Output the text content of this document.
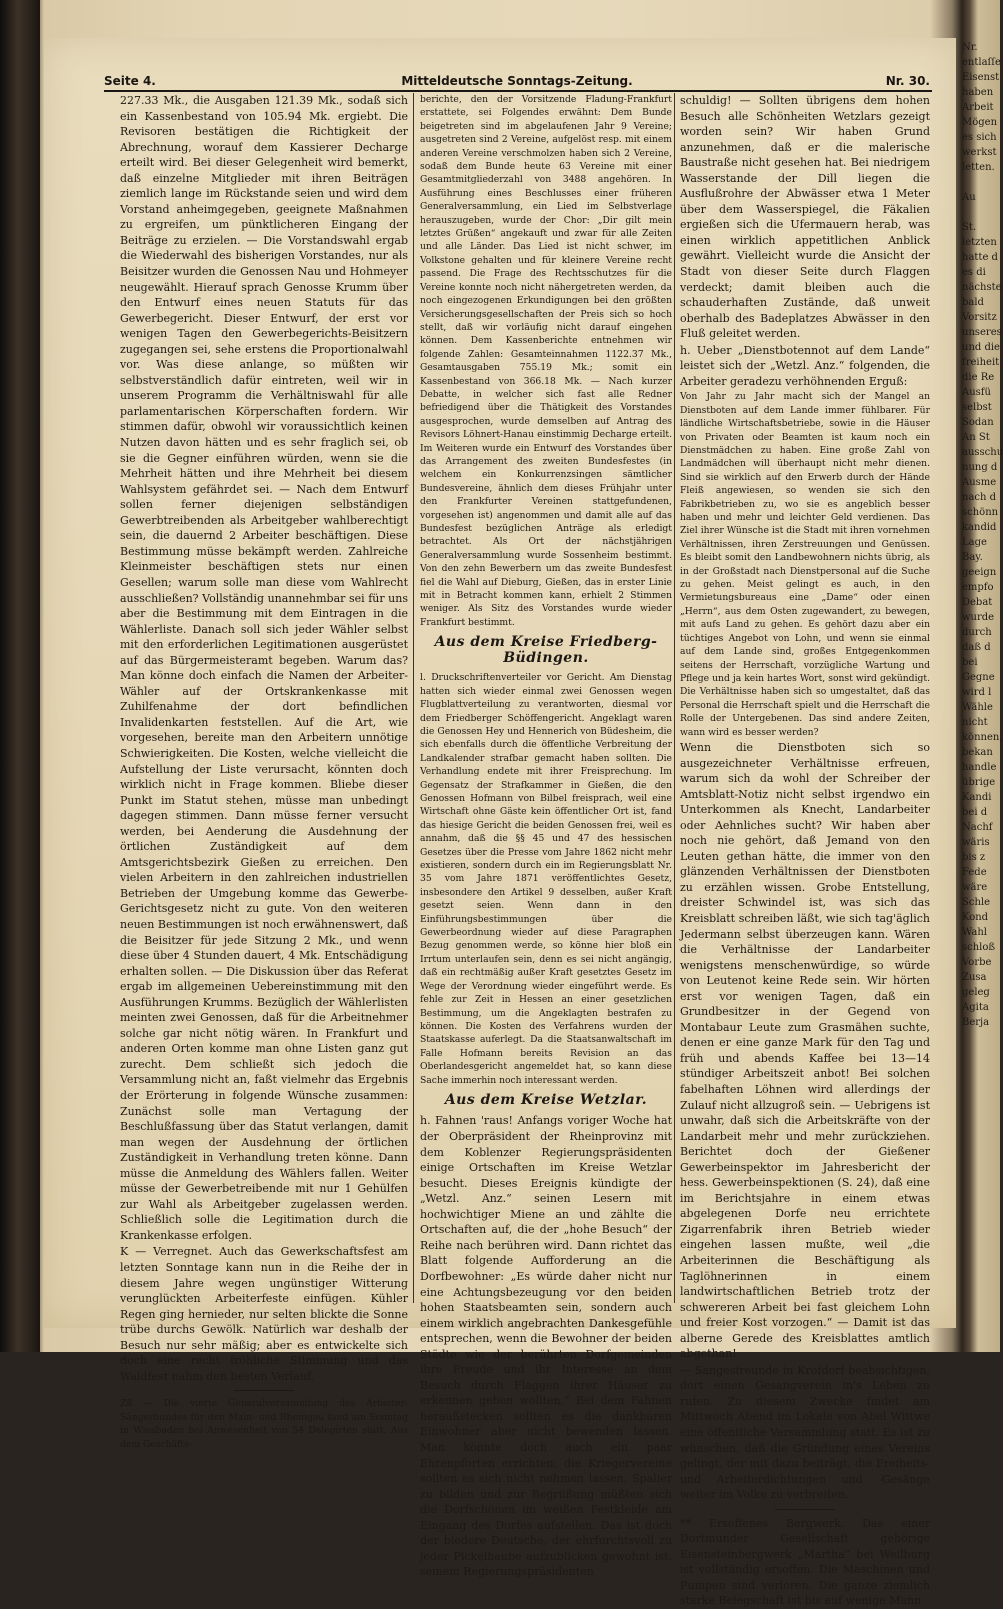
Seite 4.	Mitteldeutsche Sonntags-Zeitung.	Nr. 30.

227.33 Mk., die Ausgaben 121.39 Mk., sodaß sich ein Kassenbestand von 105.94 Mk. ergiebt. Die Revisoren bestätigen die Richtigkeit der Abrechnung, worauf dem Kassierer Decharge erteilt wird. Bei dieser Gelegenheit wird bemerkt, daß einzelne Mitglieder mit ihren Beiträgen ziemlich lange im Rückstande seien und wird dem Vorstand anheimgegeben, geeignete Maßnahmen zu ergreifen, um pünktlicheren Eingang der Beiträge zu erzielen. — Die Vorstandswahl ergab die Wiederwahl des bisherigen Vorstandes, nur als Beisitzer wurden die Genossen Nau und Hohmeyer neugewählt. Hierauf sprach Genosse Krumm über den Entwurf eines neuen Statuts für das Gewerbegericht. Dieser Entwurf, der erst vor wenigen Tagen den Gewerbegerichts-Beisitzern zugegangen sei, sehe erstens die Proportionalwahl vor. Was diese anlange, so müßten wir selbstverständlich dafür eintreten, weil wir in unserem Programm die Verhältniswahl für alle parlamentarischen Körperschaften fordern. Wir stimmen dafür, obwohl wir voraussichtlich keinen Nutzen davon hätten und es sehr fraglich sei, ob sie die Gegner einführen würden, wenn sie die Mehrheit hätten und ihre Mehrheit bei diesem Wahlsystem gefährdet sei. — Nach dem Entwurf sollen ferner diejenigen selbständigen Gewerbtreibenden als Arbeitgeber wahlberechtigt sein, die dauernd 2 Arbeiter beschäftigen. Diese Bestimmung müsse bekämpft werden. Zahlreiche Kleinmeister beschäftigen stets nur einen Gesellen; warum solle man diese vom Wahlrecht ausschließen? Vollständig unannehmbar sei für uns aber die Bestimmung mit dem Eintragen in die Wählerliste. Danach soll sich jeder Wähler selbst mit den erforderlichen Legitimationen ausgerüstet auf das Bürgermeisteramt begeben. Warum das? Man könne doch einfach die Namen der Arbeiter-Wähler auf der Ortskrankenkasse mit Zuhilfenahme der dort befindlichen Invalidenkarten feststellen. Auf die Art, wie vorgesehen, bereite man den Arbeitern unnötige Schwierigkeiten. Die Kosten, welche vielleicht die Aufstellung der Liste verursacht, könnten doch wirklich nicht in Frage kommen. Bliebe dieser Punkt im Statut stehen, müsse man unbedingt dagegen stimmen. Dann müsse ferner versucht werden, bei Aenderung die Ausdehnung der örtlichen Zuständigkeit auf dem Amtsgerichtsbezirk Gießen zu erreichen. Den vielen Arbeitern in den zahlreichen industriellen Betrieben der Umgebung komme das Gewerbe-Gerichtsgesetz nicht zu gute. Von den weiteren neuen Bestimmungen ist noch erwähnenswert, daß die Beisitzer für jede Sitzung 2 Mk., und wenn diese über 4 Stunden dauert, 4 Mk. Entschädigung erhalten sollen. — Die Diskussion über das Referat ergab im allgemeinen Uebereinstimmung mit den Ausführungen Krumms. Bezüglich der Wählerlisten meinten zwei Genossen, daß für die Arbeitnehmer solche gar nicht nötig wären. In Frankfurt und anderen Orten komme man ohne Listen ganz gut zurecht. Dem schließt sich jedoch die Versammlung nicht an, faßt vielmehr das Ergebnis der Erörterung in folgende Wünsche zusammen: Zunächst solle man Vertagung der Beschlußfassung über das Statut verlangen, damit man wegen der Ausdehnung der örtlichen Zuständigkeit in Verhandlung treten könne. Dann müsse die Anmeldung des Wählers fallen. Weiter müsse der Gewerbetreibende mit nur 1 Gehülfen zur Wahl als Arbeitgeber zugelassen werden. Schließlich solle die Legitimation durch die Krankenkasse erfolgen.

K — Verregnet. Auch das Gewerkschaftsfest am letzten Sonntage kann nun in die Reihe der in diesem Jahre wegen ungünstiger Witterung verunglückten Arbeiterfeste einfügen. Kühler Regen ging hernieder, nur selten blickte die Sonne trübe durchs Gewölk. Natürlich war deshalb der Besuch nur sehr mäßig; aber es entwickelte sich doch eine recht fröhliche Stimmung und das Waldfest nahm den besten Verlauf.

Zß — Die vierte Generalversammlung des Arbeiter-Sängerbundes für den Main- und Rheingau fand am Sonntag in Wiesbaden bei Anwesenheit von 54 Delegirten statt. Aus dem Geschäfts-

berichte, den der Vorsitzende Fladung-Frankfurt erstattete, sei Folgendes erwähnt: Dem Bunde beigetreten sind im abgelaufenen Jahr 9 Vereine; ausgetreten sind 2 Vereine, aufgelöst resp. mit einem anderen Vereine verschmolzen haben sich 2 Vereine, sodaß dem Bunde heute 63 Vereine mit einer Gesamtmitgliederzahl von 3488 angehören. In Ausführung eines Beschlusses einer früheren Generalversammlung, ein Lied im Selbstverlage herauszugeben, wurde der Chor: „Dir gilt mein letztes Grüßen“ angekauft und zwar für alle Zeiten und alle Länder. Das Lied ist nicht schwer, im Volkstone gehalten und für kleinere Vereine recht passend. Die Frage des Rechtsschutzes für die Vereine konnte noch nicht nähergetreten werden, da noch eingezogenen Erkundigungen bei den größten Versicherungsgesellschaften der Preis sich so hoch stellt, daß wir vorläufig nicht darauf eingehen können. Dem Kassenberichte entnehmen wir folgende Zahlen: Gesamteinnahmen 1122.37 Mk., Gesamtausgaben 755.19 Mk.; somit ein Kassenbestand von 366.18 Mk. — Nach kurzer Debatte, in welcher sich fast alle Redner befriedigend über die Thätigkeit des Vorstandes ausgesprochen, wurde demselben auf Antrag des Revisors Löhnert-Hanau einstimmig Decharge erteilt. Im Weiteren wurde ein Entwurf des Vorstandes über das Arrangement des zweiten Bundesfestes (in welchem ein Konkurrenzsingen sämtlicher Bundesvereine, ähnlich dem dieses Frühjahr unter den Frankfurter Vereinen stattgefundenen, vorgesehen ist) angenommen und damit alle auf das Bundesfest bezüglichen Anträge als erledigt betrachtet. Als Ort der nächstjährigen Generalversammlung wurde Sossenheim bestimmt. Von den zehn Bewerbern um das zweite Bundesfest fiel die Wahl auf Dieburg, Gießen, das in erster Linie mit in Betracht kommen kann, erhielt 2 Stimmen weniger. Als Sitz des Vorstandes wurde wieder Frankfurt bestimmt.

Aus dem Kreise Friedberg-Büdingen.

l. Druckschriftenverteiler vor Gericht. Am Dienstag hatten sich wieder einmal zwei Genossen wegen Flugblattverteilung zu verantworten, diesmal vor dem Friedberger Schöffengericht. Angeklagt waren die Genossen Hey und Hennerich von Büdesheim, die sich ebenfalls durch die öffentliche Verbreitung der Landkalender strafbar gemacht haben sollten. Die Verhandlung endete mit ihrer Freisprechung. Im Gegensatz der Strafkammer in Gießen, die den Genossen Hofmann von Bilbel freisprach, weil eine Wirtschaft ohne Gäste kein öffentlicher Ort ist, fand das hiesige Gericht die beiden Genossen frei, weil es annahm, daß die §§ 45 und 47 des hessischen Gesetzes über die Presse vom Jahre 1862 nicht mehr existieren, sondern durch ein im Regierungsblatt Nr. 35 vom Jahre 1871 veröffentlichtes Gesetz, insbesondere den Artikel 9 desselben, außer Kraft gesetzt seien. Wenn dann in den Einführungsbestimmungen über die Gewerbeordnung wieder auf diese Paragraphen Bezug genommen werde, so könne hier bloß ein Irrtum unterlaufen sein, denn es sei nicht angängig, daß ein rechtmäßig außer Kraft gesetztes Gesetz im Wege der Verordnung wieder eingeführt werde. Es fehle zur Zeit in Hessen an einer gesetzlichen Bestimmung, um die Angeklagten bestrafen zu können. Die Kosten des Verfahrens wurden der Staatskasse auferlegt. Da die Staatsanwaltschaft im Falle Hofmann bereits Revision an das Oberlandesgericht angemeldet hat, so kann diese Sache immerhin noch interessant werden.

Aus dem Kreise Wetzlar.

h. Fahnen 'raus! Anfangs voriger Woche hat der Oberpräsident der Rheinprovinz mit dem Koblenzer Regierungspräsidenten einige Ortschaften im Kreise Wetzlar besucht. Dieses Ereignis kündigte der „Wetzl. Anz.“ seinen Lesern mit hochwichtiger Miene an und zählte die Ortschaften auf, die der „hohe Besuch“ der Reihe nach berühren wird. Dann richtet das Blatt folgende Aufforderung an die Dorfbewohner: „Es würde daher nicht nur eine Achtungsbezeugung vor den beiden hohen Staatsbeamten sein, sondern auch einem wirklich angebrachten Dankesgefühle entsprechen, wenn die Bewohner der beiden Städte wie der berührten Dorfgemeinden ihre Freude und ihr Interesse an dem Besuch durch Flaggen ihrer Häuser zu erkennen geben wollten.“ Bei dem Fahnen heraußstecken sollten es die dankbaren Einwohner aber nicht bewenden lassen. Man könnte doch auch ein paar Ehrenpforten errichten; die Kriegervereine sollten es sich nicht nehmen lassen, Spalier zu bilden und zur Begrüßung müßten sich die Dorfschönen im weißen Festkleide am Eingang des Dorfes aufstellen. Das ist doch der biedere Deutsche, der ehrfurchtsvoll zu jeder Pickelhaube aufzublicken gewohnt ist, seinem Regierungspräsidenten

schuldig! — Sollten übrigens dem hohen Besuch alle Schönheiten Wetzlars gezeigt worden sein? Wir haben Grund anzunehmen, daß er die malerische Baustraße nicht gesehen hat. Bei niedrigem Wasserstande der Dill liegen die Ausflußrohre der Abwässer etwa 1 Meter über dem Wasserspiegel, die Fäkalien ergießen sich die Ufermauern herab, was einen wirklich appetitlichen Anblick gewährt. Vielleicht wurde die Ansicht der Stadt von dieser Seite durch Flaggen verdeckt; damit bleiben auch die schauderhaften Zustände, daß unweit oberhalb des Badeplatzes Abwässer in den Fluß geleitet werden.

h. Ueber „Dienstbotennot auf dem Lande“ leistet sich der „Wetzl. Anz.“ folgenden, die Arbeiter geradezu verhöhnenden Erguß:

Von Jahr zu Jahr macht sich der Mangel an Dienstboten auf dem Lande immer fühlbarer. Für ländliche Wirtschaftsbetriebe, sowie in die Häuser von Privaten oder Beamten ist kaum noch ein Dienstmädchen zu haben. Eine große Zahl von Landmädchen will überhaupt nicht mehr dienen. Sind sie wirklich auf den Erwerb durch der Hände Fleiß angewiesen, so wenden sie sich den Fabrikbetrieben zu, wo sie es angeblich besser haben und mehr und leichter Geld verdienen. Das Ziel ihrer Wünsche ist die Stadt mit ihren vornehmen Verhältnissen, ihren Zerstreuungen und Genüssen. Es bleibt somit den Landbewohnern nichts übrig, als in der Großstadt nach Dienstpersonal auf die Suche zu gehen. Meist gelingt es auch, in den Vermietungsbureaus eine „Dame“ oder einen „Herrn“, aus dem Osten zugewandert, zu bewegen, mit aufs Land zu gehen. Es gehört dazu aber ein tüchtiges Angebot von Lohn, und wenn sie einmal auf dem Lande sind, großes Entgegenkommen seitens der Herrschaft, vorzügliche Wartung und Pflege und ja kein hartes Wort, sonst wird gekündigt. Die Verhältnisse haben sich so umgestaltet, daß das Personal die Herrschaft spielt und die Herrschaft die Rolle der Untergebenen. Das sind andere Zeiten, wann wird es besser werden?

Wenn die Dienstboten sich so ausgezeichneter Verhältnisse erfreuen, warum sich da wohl der Schreiber der Amtsblatt-Notiz nicht selbst irgendwo ein Unterkommen als Knecht, Landarbeiter oder Aehnliches sucht? Wir haben aber noch nie gehört, daß Jemand von den Leuten gethan hätte, die immer von den glänzenden Verhältnissen der Dienstboten zu erzählen wissen. Grobe Entstellung, dreister Schwindel ist, was sich das Kreisblatt schreiben läßt, wie sich tag'äglich Jedermann selbst überzeugen kann. Wären die Verhältnisse der Landarbeiter wenigstens menschenwürdige, so würde von Leutenot keine Rede sein. Wir hörten erst vor wenigen Tagen, daß ein Grundbesitzer in der Gegend von Montabaur Leute zum Grasmähen suchte, denen er eine ganze Mark für den Tag und früh und abends Kaffee bei 13—14 stündiger Arbeitszeit anbot! Bei solchen fabelhaften Löhnen wird allerdings der Zulauf nicht allzugroß sein. — Uebrigens ist unwahr, daß sich die Arbeitskräfte von der Landarbeit mehr und mehr zurückziehen. Berichtet doch der Gießener Gewerbeinspektor im Jahresbericht der hess. Gewerbeinspektionen (S. 24), daß eine im Berichtsjahre in einem etwas abgelegenen Dorfe neu errichtete Zigarrenfabrik ihren Betrieb wieder eingehen lassen mußte, weil „die Arbeiterinnen die Beschäftigung als Taglöhnerinnen in einem landwirtschaftlichen Betrieb trotz der schwereren Arbeit bei fast gleichem Lohn und freier Kost vorzogen.“ — Damit ist das alberne Gerede des Kreisblattes amtlich abgethan!

— Sangesfreunde in Krofdorf beabsichtigen, dort einen Gesangverein in's Leben zu rufen. Zu diesem Zwecke findet am Mittwoch Abend im Lokale von Abel Wittwe eine öffentliche Versammlung statt. Es ist zu wünschen, daß die Gründung eines Vereins gelingt, der mit dazu beiträgt, die Freiheits- und Arbeiterdichtungen und -Gesänge weiter im Volke zu verbreiten.

** Ersoffenes Bergwerk. Das einer Dortmunder Gesellschaft gehörige Eisensteinbergwerk „Martha“ bei Weilburg ist vollständig ersoffen. Die Maschinen und Pumpen sind verloren. Die ganze ziemlich starke Belegschaft ist bis auf wenige Mann

Nr.
entlaſſe
Eisenst
haben
Arbeit
Mögen
es sich
werkst
letten.

Au

St.
letzten
hatte d
es di
nächste
bald
Vorsitz
unseres
und die
freiheit
die Re
Ausfü
selbst
Sodan
An St
ausschu
nung d
Ausme
nach d
schönn
kandid
Lage
Bay.
geeign
empfo
Debat
wurde
durch
daß d
bei
Gegne
wird l
Wähle
nicht
können,
bekan
handle
übrige
Kandi
bei d
Nachf
wäris
bis z
Fede
wäre
Schle
Kond
Wahl
schloß
Vorbe
Zusa
geleg
Agita
Berja
